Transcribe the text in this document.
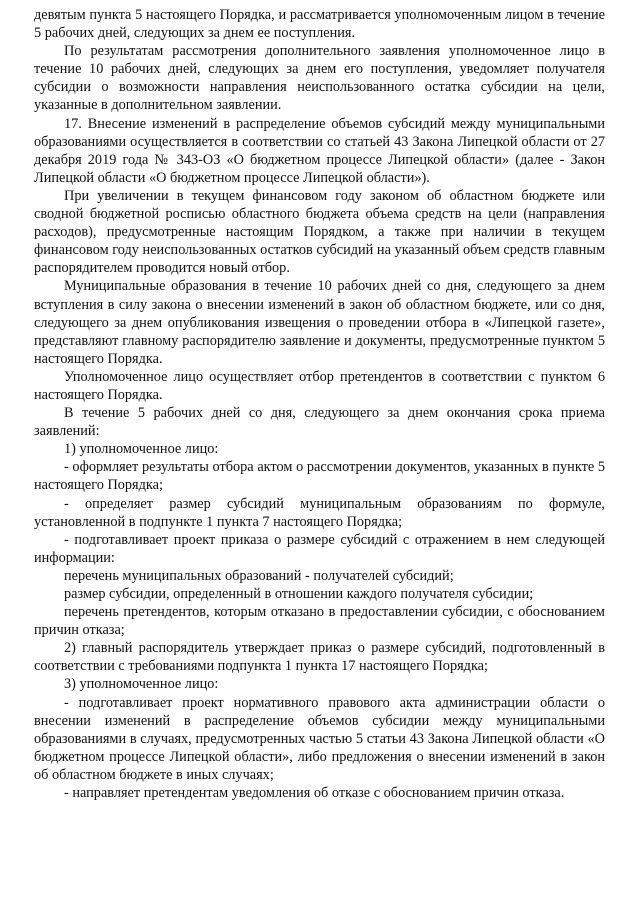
девятым пункта 5 настоящего Порядка, и рассматривается уполномоченным лицом в течение 5 рабочих дней, следующих за днем ее поступления.

По результатам рассмотрения дополнительного заявления уполномоченное лицо в течение 10 рабочих дней, следующих за днем его поступления, уведомляет получателя субсидии о возможности направления неиспользованного остатка субсидии на цели, указанные в дополнительном заявлении.

17. Внесение изменений в распределение объемов субсидий между муниципальными образованиями осуществляется в соответствии со статьей 43 Закона Липецкой области от 27 декабря 2019 года № 343-ОЗ «О бюджетном процессе Липецкой области» (далее - Закон Липецкой области «О бюджетном процессе Липецкой области»).

При увеличении в текущем финансовом году законом об областном бюджете или сводной бюджетной росписью областного бюджета объема средств на цели (направления расходов), предусмотренные настоящим Порядком, а также при наличии в текущем финансовом году неиспользованных остатков субсидий на указанный объем средств главным распорядителем проводится новый отбор.

Муниципальные образования в течение 10 рабочих дней со дня, следующего за днем вступления в силу закона о внесении изменений в закон об областном бюджете, или со дня, следующего за днем опубликования извещения о проведении отбора в «Липецкой газете», представляют главному распорядителю заявление и документы, предусмотренные пунктом 5 настоящего Порядка.

Уполномоченное лицо осуществляет отбор претендентов в соответствии с пунктом 6 настоящего Порядка.

В течение 5 рабочих дней со дня, следующего за днем окончания срока приема заявлений:

1) уполномоченное лицо:

- оформляет результаты отбора актом о рассмотрении документов, указанных в пункте 5 настоящего Порядка;

- определяет размер субсидий муниципальным образованиям по формуле, установленной в подпункте 1 пункта 7 настоящего Порядка;

- подготавливает проект приказа о размере субсидий с отражением в нем следующей информации:

перечень муниципальных образований - получателей субсидий;

размер субсидии, определенный в отношении каждого получателя субсидии;

перечень претендентов, которым отказано в предоставлении субсидии, с обоснованием причин отказа;

2) главный распорядитель утверждает приказ о размере субсидий, подготовленный в соответствии с требованиями подпункта 1 пункта 17 настоящего Порядка;

3) уполномоченное лицо:

- подготавливает проект нормативного правового акта администрации области о внесении изменений в распределение объемов субсидии между муниципальными образованиями в случаях, предусмотренных частью 5 статьи 43 Закона Липецкой области «О бюджетном процессе Липецкой области», либо предложения о внесении изменений в закон об областном бюджете в иных случаях;

- направляет претендентам уведомления об отказе с обоснованием причин отказа.
